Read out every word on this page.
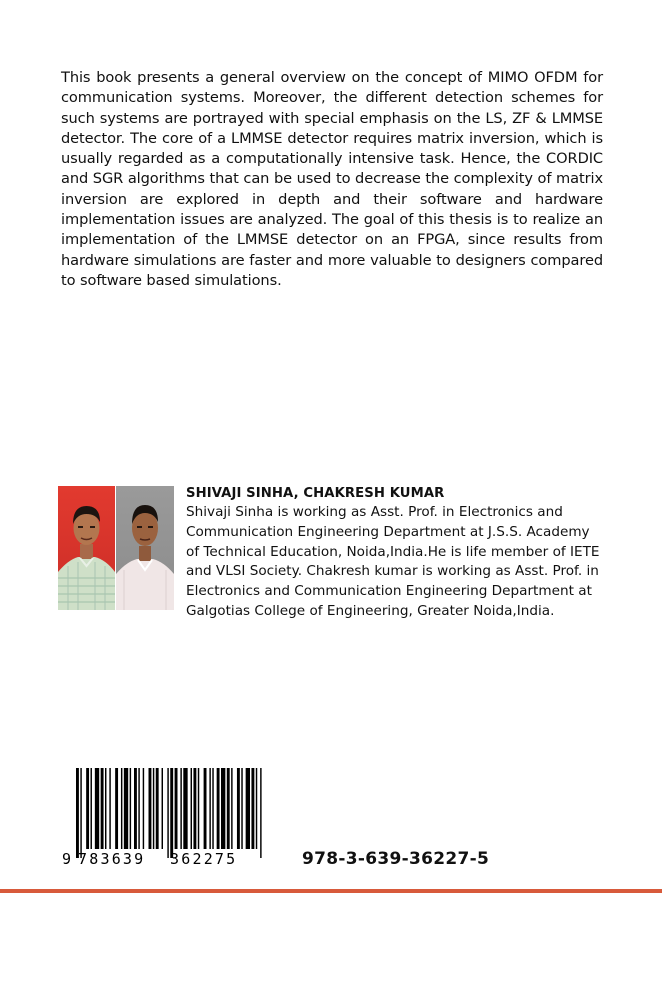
This book presents a general overview on the concept of MIMO OFDM for communication systems. Moreover, the different detection schemes for such systems are portrayed with special emphasis on the LS, ZF & LMMSE detector. The core of a LMMSE detector requires matrix inversion, which is usually regarded as a computationally intensive task. Hence, the CORDIC and SGR algorithms that can be used to decrease the complexity of matrix inversion are explored in depth and their software and hardware implementation issues are analyzed. The goal of this thesis is to realize an implementation of the LMMSE detector on an FPGA, since results from hardware simulations are faster and more valuable to designers compared to software based simulations.

SHIVAJI SINHA, CHAKRESH KUMAR

Shivaji Sinha is working as Asst. Prof. in Electronics and Communication Engineering Department at J.S.S. Academy of Technical Education, Noida,India.He is life member of IETE and VLSI Society. Chakresh kumar is working as Asst. Prof. in Electronics and Communication Engineering Department at Galgotias College of Engineering, Greater Noida,India.

9 783639 362275	978-3-639-36227-5
